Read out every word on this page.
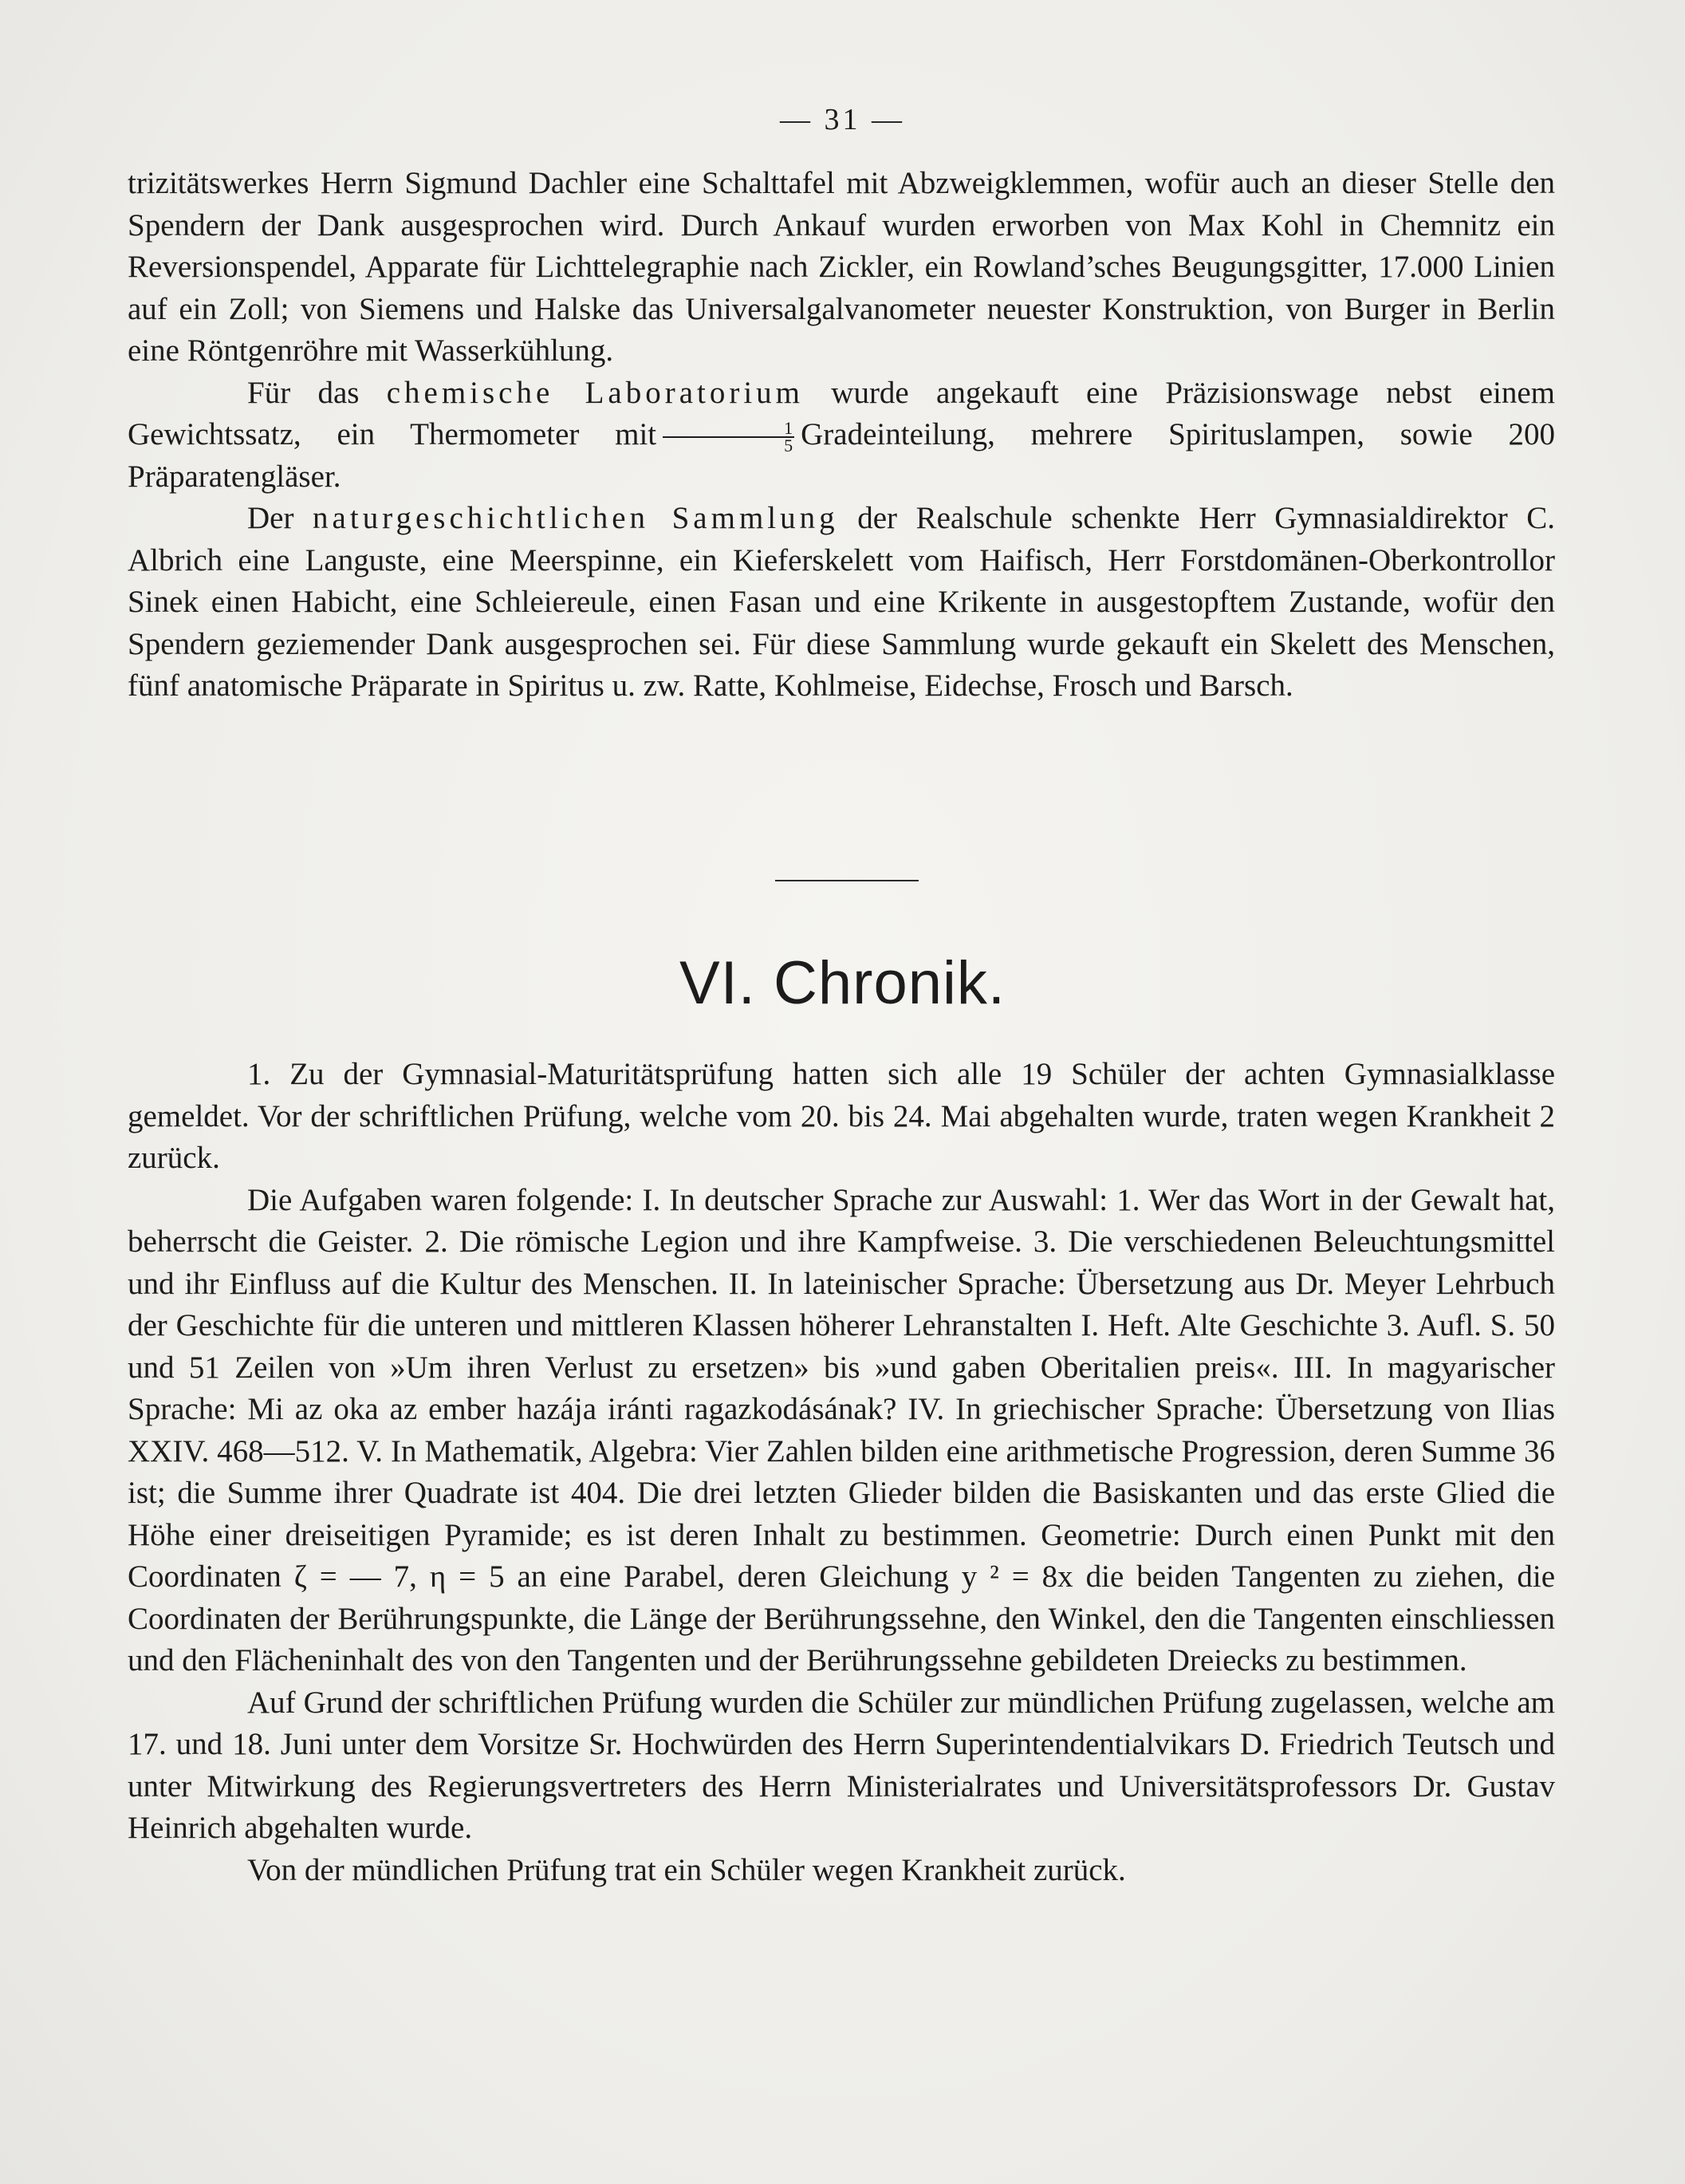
— 31 —

trizitätswerkes Herrn Sigmund Dachler eine Schalttafel mit Abzweigklemmen, wofür auch an dieser Stelle den Spendern der Dank ausgesprochen wird. Durch Ankauf wurden erworben von Max Kohl in Chemnitz ein Reversionspendel, Apparate für Lichttelegraphie nach Zickler, ein Rowland’sches Beugungsgitter, 17.000 Linien auf ein Zoll; von Siemens und Halske das Universalgalvanometer neuester Konstruktion, von Burger in Berlin eine Röntgenröhre mit Wasserkühlung.

Für das chemische Laboratorium wurde angekauft eine Präzisionswage nebst einem Gewichtssatz, ein Thermometer mit $\frac{1}{5}$ Gradeinteilung, mehrere Spirituslampen, sowie 200 Präparatengläser.

Der naturgeschichtlichen Sammlung der Realschule schenkte Herr Gymnasialdirektor C. Albrich eine Languste, eine Meerspinne, ein Kieferskelett vom Haifisch, Herr Forstdomänen-Oberkontrollor Sinek einen Habicht, eine Schleiereule, einen Fasan und eine Krikente in ausgestopftem Zustande, wofür den Spendern geziemender Dank ausgesprochen sei. Für diese Sammlung wurde gekauft ein Skelett des Menschen, fünf anatomische Präparate in Spiritus u. zw. Ratte, Kohlmeise, Eidechse, Frosch und Barsch.

VI. Chronik.

1. Zu der Gymnasial-Maturitätsprüfung hatten sich alle 19 Schüler der achten Gymnasialklasse gemeldet. Vor der schriftlichen Prüfung, welche vom 20. bis 24. Mai abgehalten wurde, traten wegen Krankheit 2 zurück.

Die Aufgaben waren folgende: I. In deutscher Sprache zur Auswahl: 1. Wer das Wort in der Gewalt hat, beherrscht die Geister. 2. Die römische Legion und ihre Kampfweise. 3. Die verschiedenen Beleuchtungsmittel und ihr Einfluss auf die Kultur des Menschen. II. In lateinischer Sprache: Übersetzung aus Dr. Meyer Lehrbuch der Geschichte für die unteren und mittleren Klassen höherer Lehranstalten I. Heft. Alte Geschichte 3. Aufl. S. 50 und 51 Zeilen von »Um ihren Verlust zu ersetzen» bis »und gaben Oberitalien preis«. III. In magyarischer Sprache: Mi az oka az ember hazája iránti ragazkodásának? IV. In griechischer Sprache: Übersetzung von Ilias XXIV. 468—512. V. In Mathematik, Algebra: Vier Zahlen bilden eine arithmetische Progression, deren Summe 36 ist; die Summe ihrer Quadrate ist 404. Die drei letzten Glieder bilden die Basiskanten und das erste Glied die Höhe einer dreiseitigen Pyramide; es ist deren Inhalt zu bestimmen. Geometrie: Durch einen Punkt mit den Coordinaten ζ = — 7, η = 5 an eine Parabel, deren Gleichung y ² = 8x die beiden Tangenten zu ziehen, die Coordinaten der Berührungspunkte, die Länge der Berührungssehne, den Winkel, den die Tangenten einschliessen und den Flächeninhalt des von den Tangenten und der Berührungssehne gebildeten Dreiecks zu bestimmen.

Auf Grund der schriftlichen Prüfung wurden die Schüler zur mündlichen Prüfung zugelassen, welche am 17. und 18. Juni unter dem Vorsitze Sr. Hochwürden des Herrn Superintendentialvikars D. Friedrich Teutsch und unter Mitwirkung des Regierungsvertreters des Herrn Ministerialrates und Universitätsprofessors Dr. Gustav Heinrich abgehalten wurde.

Von der mündlichen Prüfung trat ein Schüler wegen Krankheit zurück.
